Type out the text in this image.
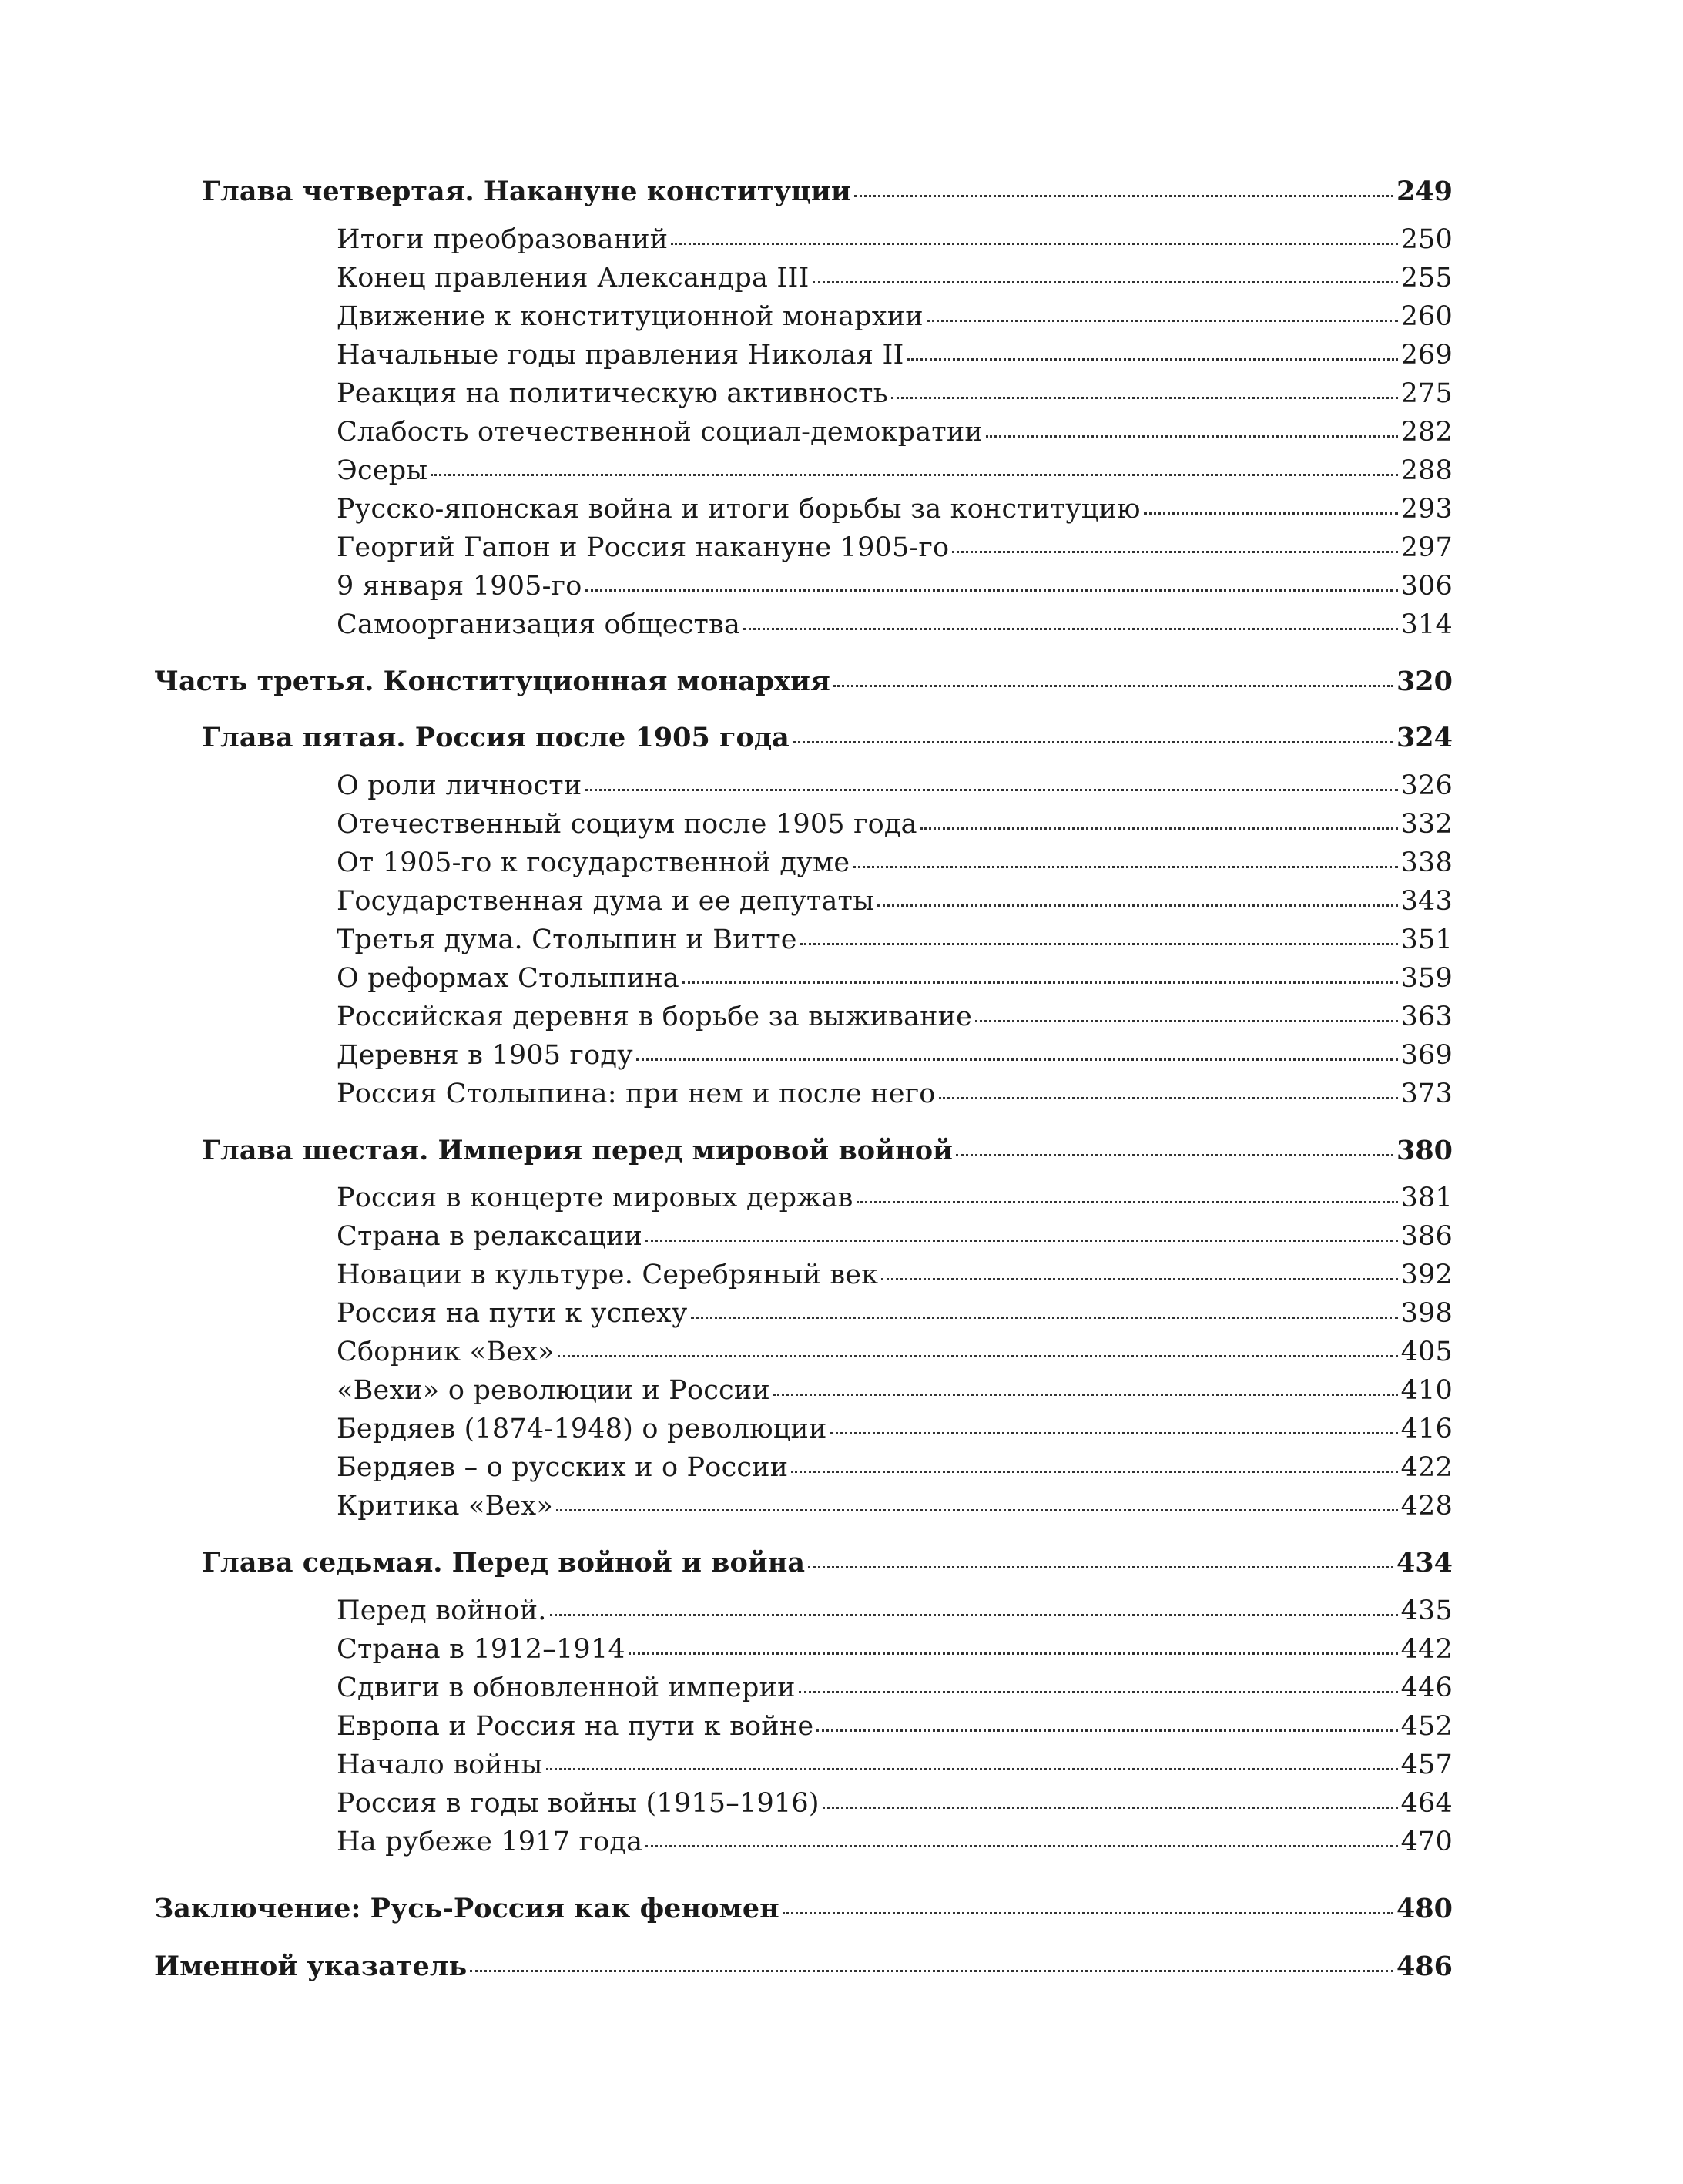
Глава четвертая. Накануне конституции	249
Итоги преобразований	250
Конец правления Александра III	255
Движение к конституционной монархии	260
Начальные годы правления Николая II	269
Реакция на политическую активность	275
Слабость отечественной социал-демократии	282
Эсеры	288
Русско-японская война и итоги борьбы за конституцию	293
Георгий Гапон и Россия накануне 1905-го	297
9 января 1905-го	306
Самоорганизация общества	314
Часть третья. Конституционная монархия	320
Глава пятая. Россия после 1905 года	324
О роли личности	326
Отечественный социум после 1905 года	332
От 1905-го к государственной думе	338
Государственная дума и ее депутаты	343
Третья дума. Столыпин и Витте	351
О реформах Столыпина	359
Российская деревня в борьбе за выживание	363
Деревня в 1905 году	369
Россия Столыпина: при нем и после него	373
Глава шестая. Империя перед мировой войной	380
Россия в концерте мировых держав	381
Страна в релаксации	386
Новации в культуре. Серебряный век	392
Россия на пути к успеху	398
Сборник «Вех»	405
«Вехи» о революции и России	410
Бердяев (1874-1948) о революции	416
Бердяев – о русских и о России	422
Критика «Вех»	428
Глава седьмая. Перед войной и война	434
Перед войной.	435
Страна в 1912–1914	442
Сдвиги в обновленной империи	446
Европа и Россия на пути к войне	452
Начало войны	457
Россия в годы войны (1915–1916)	464
На рубеже 1917 года	470
Заключение: Русь-Россия как феномен	480
Именной указатель	486
